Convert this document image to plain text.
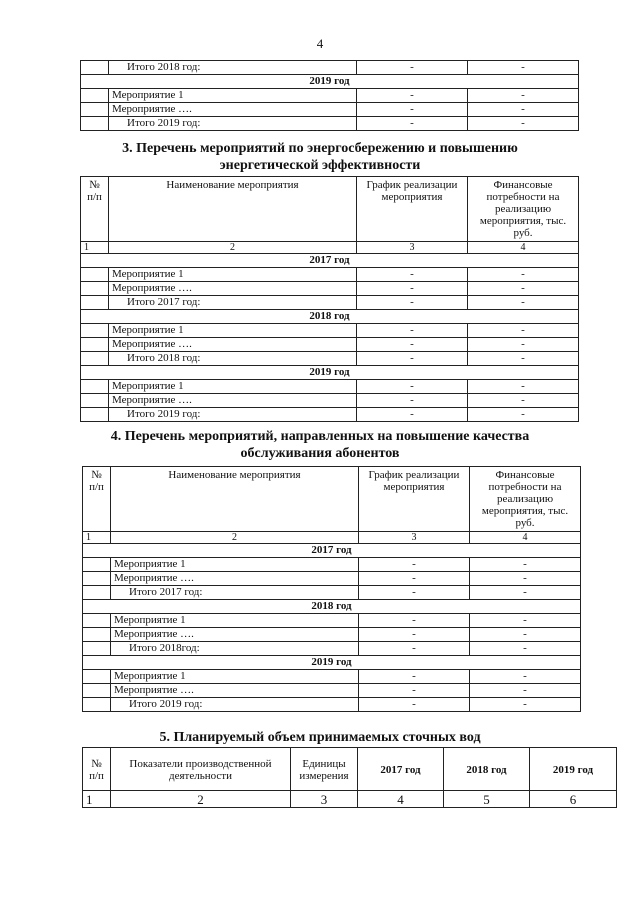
4
	Итого 2018 год:	-	-
2019 год			
	Мероприятие 1	-	-
	Мероприятие ….	-	-
	Итого 2019 год:	-	-
3. Перечень мероприятий по энергосбережению и повышению
энергетической эффективности
№ п/п	Наименование мероприятия	График реализации мероприятия	Финансовые потребности на реализацию мероприятия, тыс. руб.
1	2	3	4
2017 год			
	Мероприятие 1	-	-
	Мероприятие ….	-	-
	Итого 2017 год:	-	-
2018 год			
	Мероприятие 1	-	-
	Мероприятие ….	-	-
	Итого 2018 год:	-	-
2019 год			
	Мероприятие 1	-	-
	Мероприятие ….	-	-
	Итого 2019 год:	-	-
4. Перечень мероприятий, направленных на повышение качества
обслуживания абонентов
№ п/п	Наименование мероприятия	График реализации мероприятия	Финансовые потребности на реализацию мероприятия, тыс. руб.
1	2	3	4
2017 год			
	Мероприятие 1	-	-
	Мероприятие ….	-	-
	Итого 2017 год:	-	-
2018 год			
	Мероприятие 1	-	-
	Мероприятие ….	-	-
	Итого 2018год:	-	-
2019 год			
	Мероприятие 1	-	-
	Мероприятие ….	-	-
	Итого 2019 год:	-	-
5. Планируемый объем принимаемых сточных вод
№ п/п	Показатели производственной деятельности	Единицы измерения	2017 год	2018 год	2019 год
1	2	3	4	5	6
